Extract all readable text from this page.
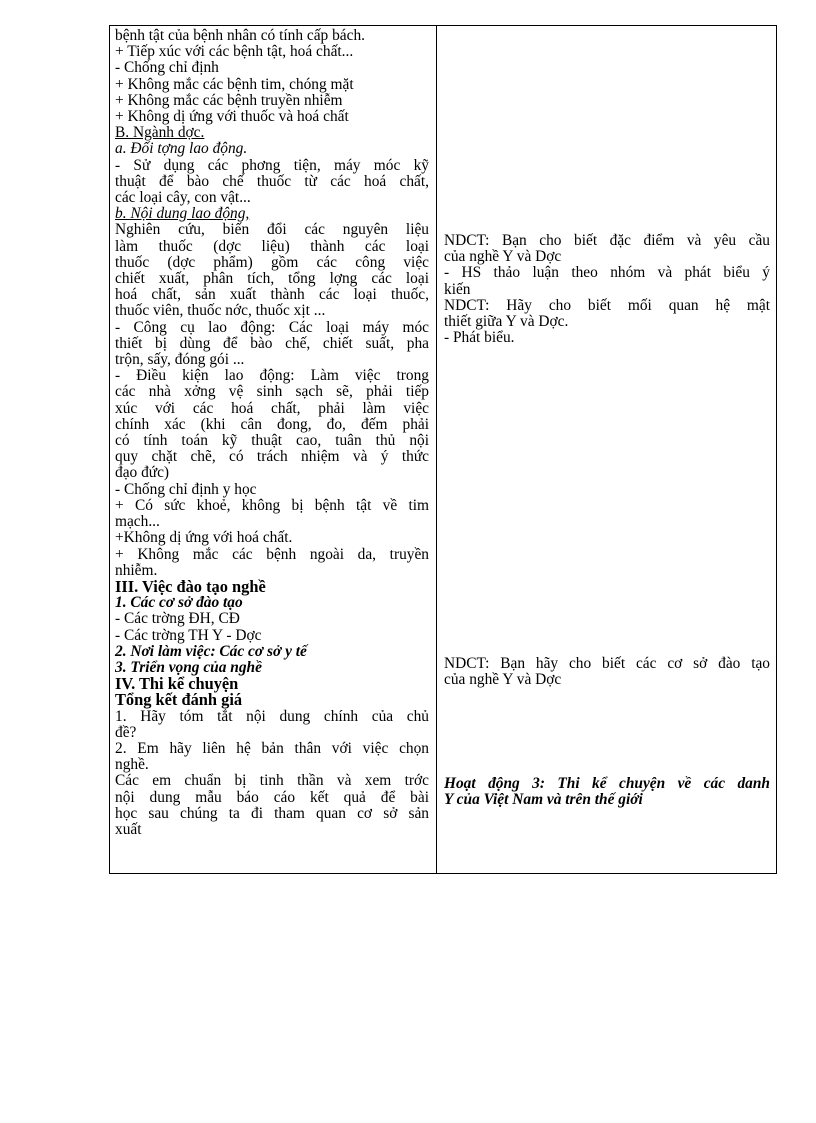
bệnh tật của bệnh nhân có tính cấp bách.
+ Tiếp xúc với các bệnh tật, hoá chất...
- Chống chỉ định
+ Không mắc các bệnh tim, chóng mặt
+ Không mắc các bệnh truyền nhiễm
+ Không dị ứng với thuốc và hoá chất
B. Ngành dợc.
a. Đối tợng lao động.
- Sử dụng các phơng tiện, máy móc kỹ
thuật để bào chế thuốc từ các hoá chất,
các loại cây, con vật...
b. Nội dung lao động,
Nghiên cứu, biến đổi các nguyên liệu
làm thuốc (dợc liệu) thành các loại
thuốc (dợc phẩm) gồm các công việc
chiết xuất, phân tích, tổng lợng các loại
hoá chất, sản xuất thành các loại thuốc,
thuốc viên, thuốc nớc, thuốc xịt ...
- Công cụ lao động: Các loại máy móc
thiết bị dùng để bào chế, chiết suất, pha
trộn, sấy, đóng gói ...
- Điều kiện lao động: Làm việc trong
các nhà xởng vệ sinh sạch sẽ, phải tiếp
xúc với các hoá chất, phải làm việc
chính xác (khi cân đong, đo, đếm phải
có tính toán kỹ thuật cao, tuân thủ nội
quy chặt chẽ, có trách nhiệm và ý thức
đạo đức)
- Chống chỉ định y học
+ Có sức khoẻ, không bị bệnh tật về tim
mạch...
+Không dị ứng với hoá chất.
+ Không mắc các bệnh ngoài da, truyền
nhiễm.
III. Việc đào tạo nghề
1. Các cơ sở đào tạo
- Các trờng ĐH, CĐ
- Các trờng TH Y - Dợc
2. Nơi làm việc: Các cơ sở y tế
3. Triển vọng của nghề
IV. Thi kể chuyện
Tổng kết đánh giá
1. Hãy tóm tắt nội dung chính của chủ
đề?
2. Em hãy liên hệ bản thân với việc chọn
nghề.
Các em chuẩn bị tinh thần và xem trớc
nội dung mẫu báo cáo kết quả để bài
học sau chúng ta đi tham quan cơ sở sản
xuất
NDCT: Bạn cho biết đặc điểm và yêu cầu
của nghề Y và Dợc
- HS thảo luận theo nhóm và phát biểu ý
kiến
NDCT: Hãy cho biết mối quan hệ mật
thiết giữa Y và Dợc.
- Phát biểu.
NDCT: Bạn hãy cho biết các cơ sở đào tạo
của nghề Y và Dợc
Hoạt động 3: Thi kể chuyện về các danh
Y của Việt Nam và trên thế giới
